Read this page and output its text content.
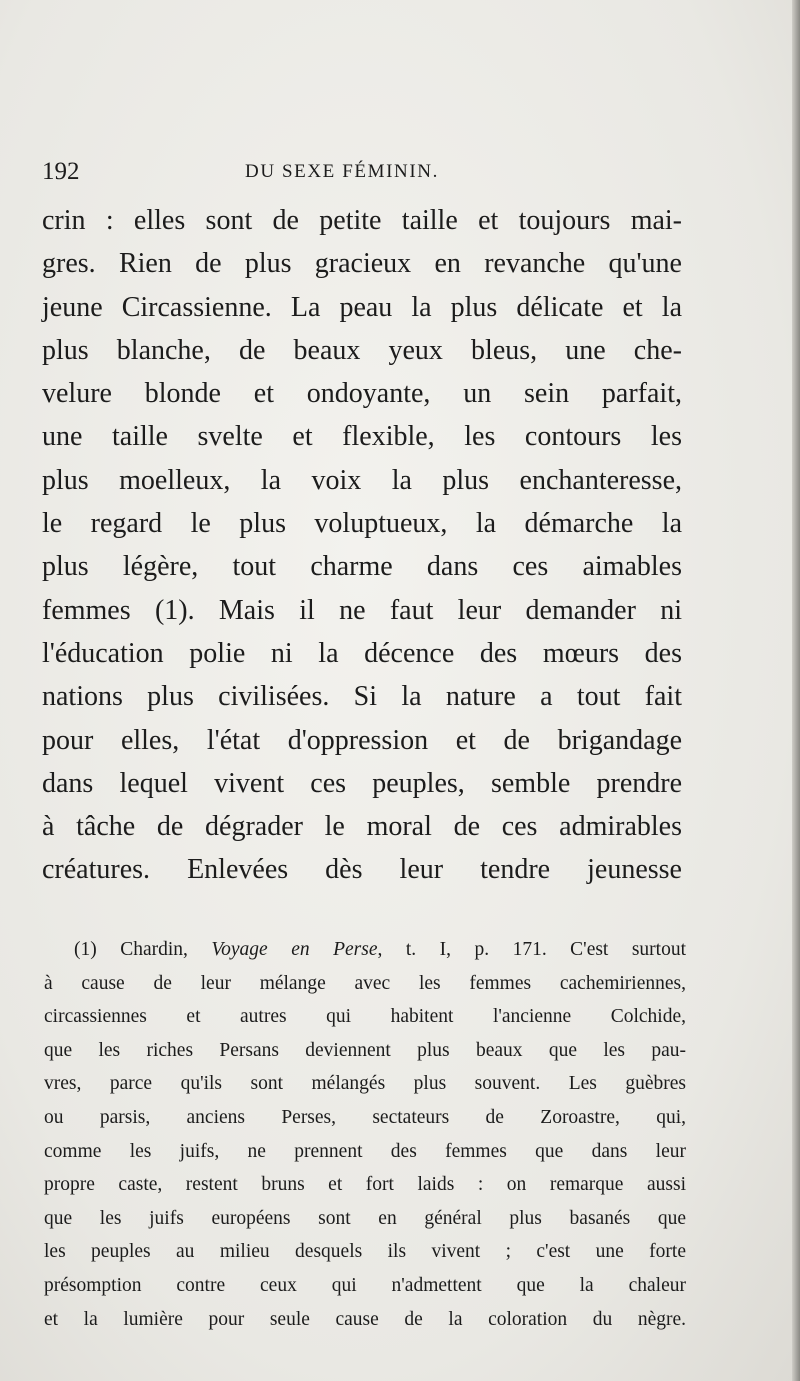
192	DU SEXE FÉMININ.
crin : elles sont de petite taille et toujours mai-
gres. Rien de plus gracieux en revanche qu'une
jeune Circassienne. La peau la plus délicate et la
plus blanche, de beaux yeux bleus, une che-
velure blonde et ondoyante, un sein parfait,
une taille svelte et flexible, les contours les
plus moelleux, la voix la plus enchanteresse,
le regard le plus voluptueux, la démarche la
plus légère, tout charme dans ces aimables
femmes (1). Mais il ne faut leur demander ni
l'éducation polie ni la décence des mœurs des
nations plus civilisées. Si la nature a tout fait
pour elles, l'état d'oppression et de brigandage
dans lequel vivent ces peuples, semble prendre
à tâche de dégrader le moral de ces admirables
créatures. Enlevées dès leur tendre jeunesse
(1) Chardin, Voyage en Perse, t. I, p. 171. C'est surtout
à cause de leur mélange avec les femmes cachemiriennes,
circassiennes et autres qui habitent l'ancienne Colchide,
que les riches Persans deviennent plus beaux que les pau-
vres, parce qu'ils sont mélangés plus souvent. Les guèbres
ou parsis, anciens Perses, sectateurs de Zoroastre, qui,
comme les juifs, ne prennent des femmes que dans leur
propre caste, restent bruns et fort laids : on remarque aussi
que les juifs européens sont en général plus basanés que
les peuples au milieu desquels ils vivent ; c'est une forte
présomption contre ceux qui n'admettent que la chaleur
et la lumière pour seule cause de la coloration du nègre.
